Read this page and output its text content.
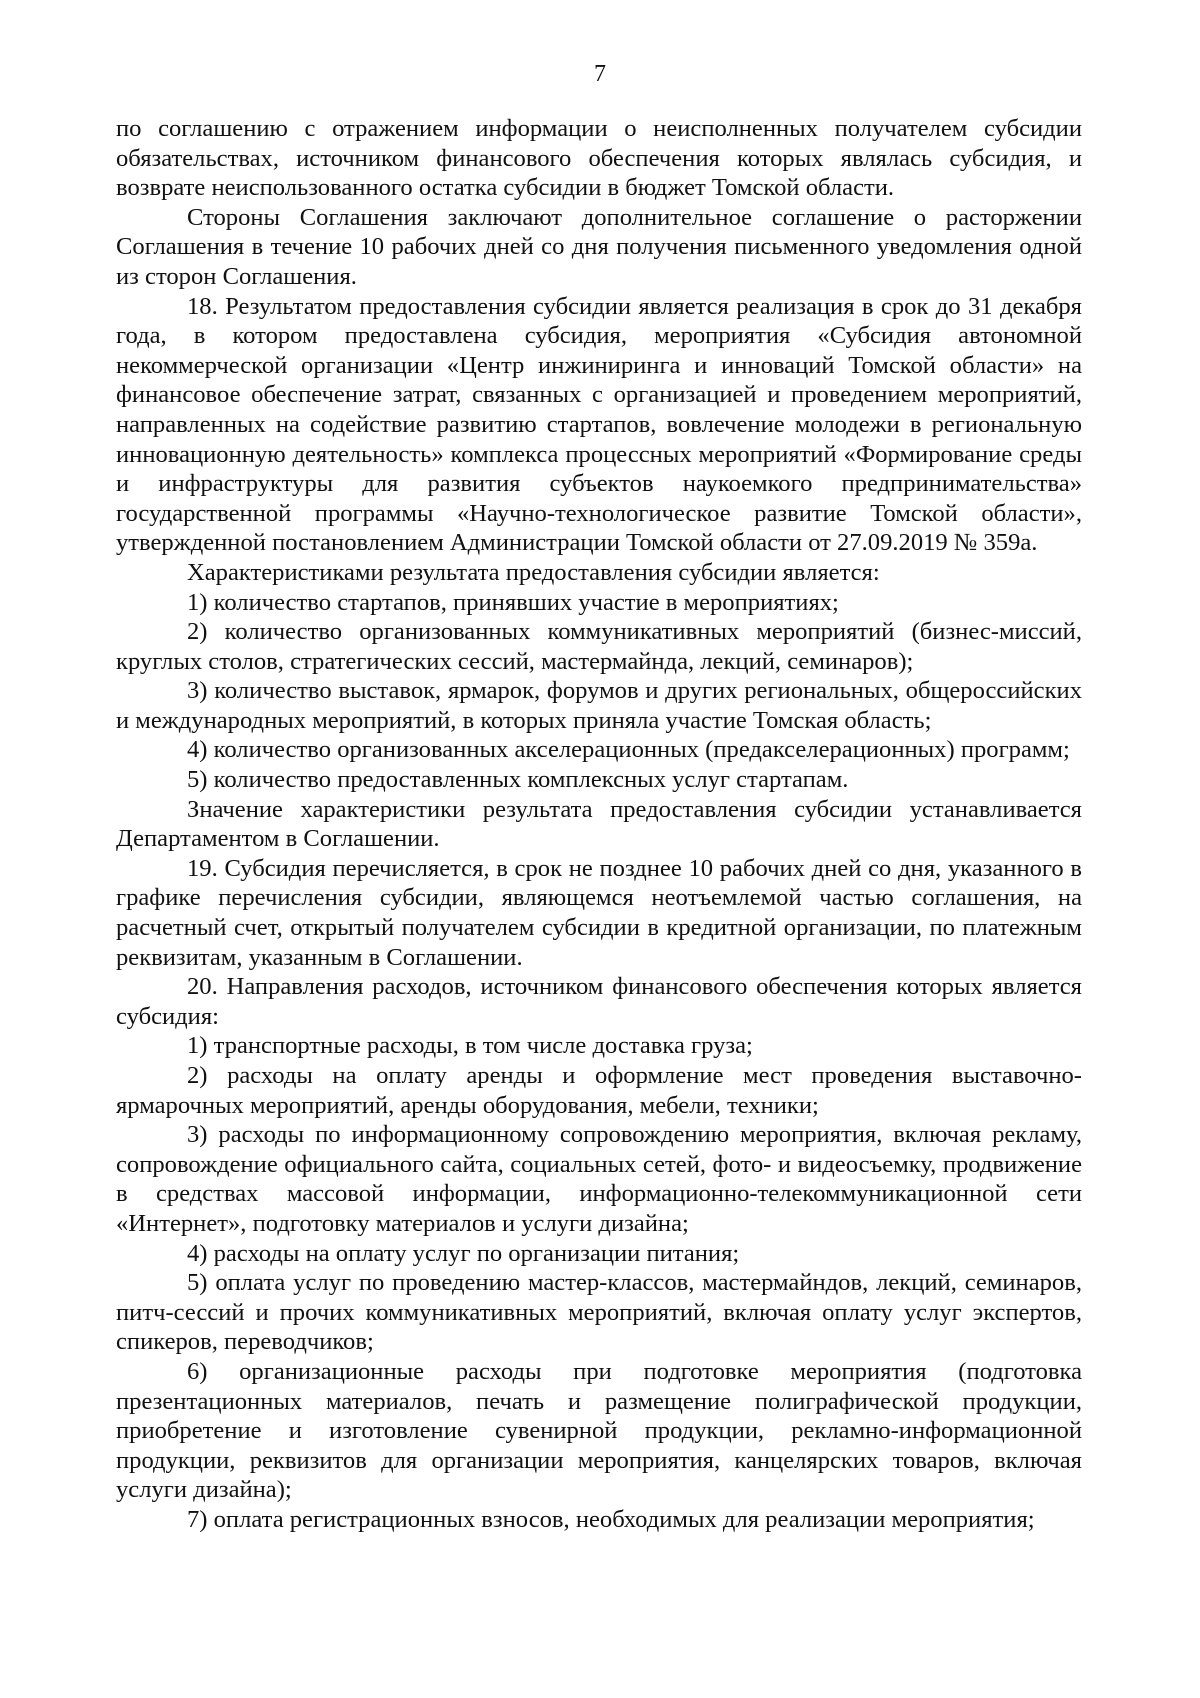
7

по соглашению с отражением информации о неисполненных получателем субсидии обязательствах, источником финансового обеспечения которых являлась субсидия, и возврате неиспользованного остатка субсидии в бюджет Томской области.

Стороны Соглашения заключают дополнительное соглашение о расторжении Соглашения в течение 10 рабочих дней со дня получения письменного уведомления одной из сторон Соглашения.

18. Результатом предоставления субсидии является реализация в срок до 31 декабря года, в котором предоставлена субсидия, мероприятия «Субсидия автономной некоммерческой организации «Центр инжиниринга и инноваций Томской области» на финансовое обеспечение затрат, связанных с организацией и проведением мероприятий, направленных на содействие развитию стартапов, вовлечение молодежи в региональную инновационную деятельность» комплекса процессных мероприятий «Формирование среды и инфраструктуры для развития субъектов наукоемкого предпринимательства» государственной программы «Научно-технологическое развитие Томской области», утвержденной постановлением Администрации Томской области от 27.09.2019 № 359а.

Характеристиками результата предоставления субсидии является:

1) количество стартапов, принявших участие в мероприятиях;

2) количество организованных коммуникативных мероприятий (бизнес-миссий, круглых столов, стратегических сессий, мастермайнда, лекций, семинаров);

3) количество выставок, ярмарок, форумов и других региональных, общероссийских и международных мероприятий, в которых приняла участие Томская область;

4) количество организованных акселерационных (предакселерационных) программ;

5) количество предоставленных комплексных услуг стартапам.

Значение характеристики результата предоставления субсидии устанавливается Департаментом в Соглашении.

19. Субсидия перечисляется, в срок не позднее 10 рабочих дней со дня, указанного в графике перечисления субсидии, являющемся неотъемлемой частью соглашения, на расчетный счет, открытый получателем субсидии в кредитной организации, по платежным реквизитам, указанным в Соглашении.

20. Направления расходов, источником финансового обеспечения которых является субсидия:

1) транспортные расходы, в том числе доставка груза;

2) расходы на оплату аренды и оформление мест проведения выставочно-ярмарочных мероприятий, аренды оборудования, мебели, техники;

3) расходы по информационному сопровождению мероприятия, включая рекламу, сопровождение официального сайта, социальных сетей, фото- и видеосъемку, продвижение в средствах массовой информации, информационно-телекоммуникационной сети «Интернет», подготовку материалов и услуги дизайна;

4) расходы на оплату услуг по организации питания;

5) оплата услуг по проведению мастер-классов, мастермайндов, лекций, семинаров, питч-сессий и прочих коммуникативных мероприятий, включая оплату услуг экспертов, спикеров, переводчиков;

6) организационные расходы при подготовке мероприятия (подготовка презентационных материалов, печать и размещение полиграфической продукции, приобретение и изготовление сувенирной продукции, рекламно-информационной продукции, реквизитов для организации мероприятия, канцелярских товаров, включая услуги дизайна);

7) оплата регистрационных взносов, необходимых для реализации мероприятия;
